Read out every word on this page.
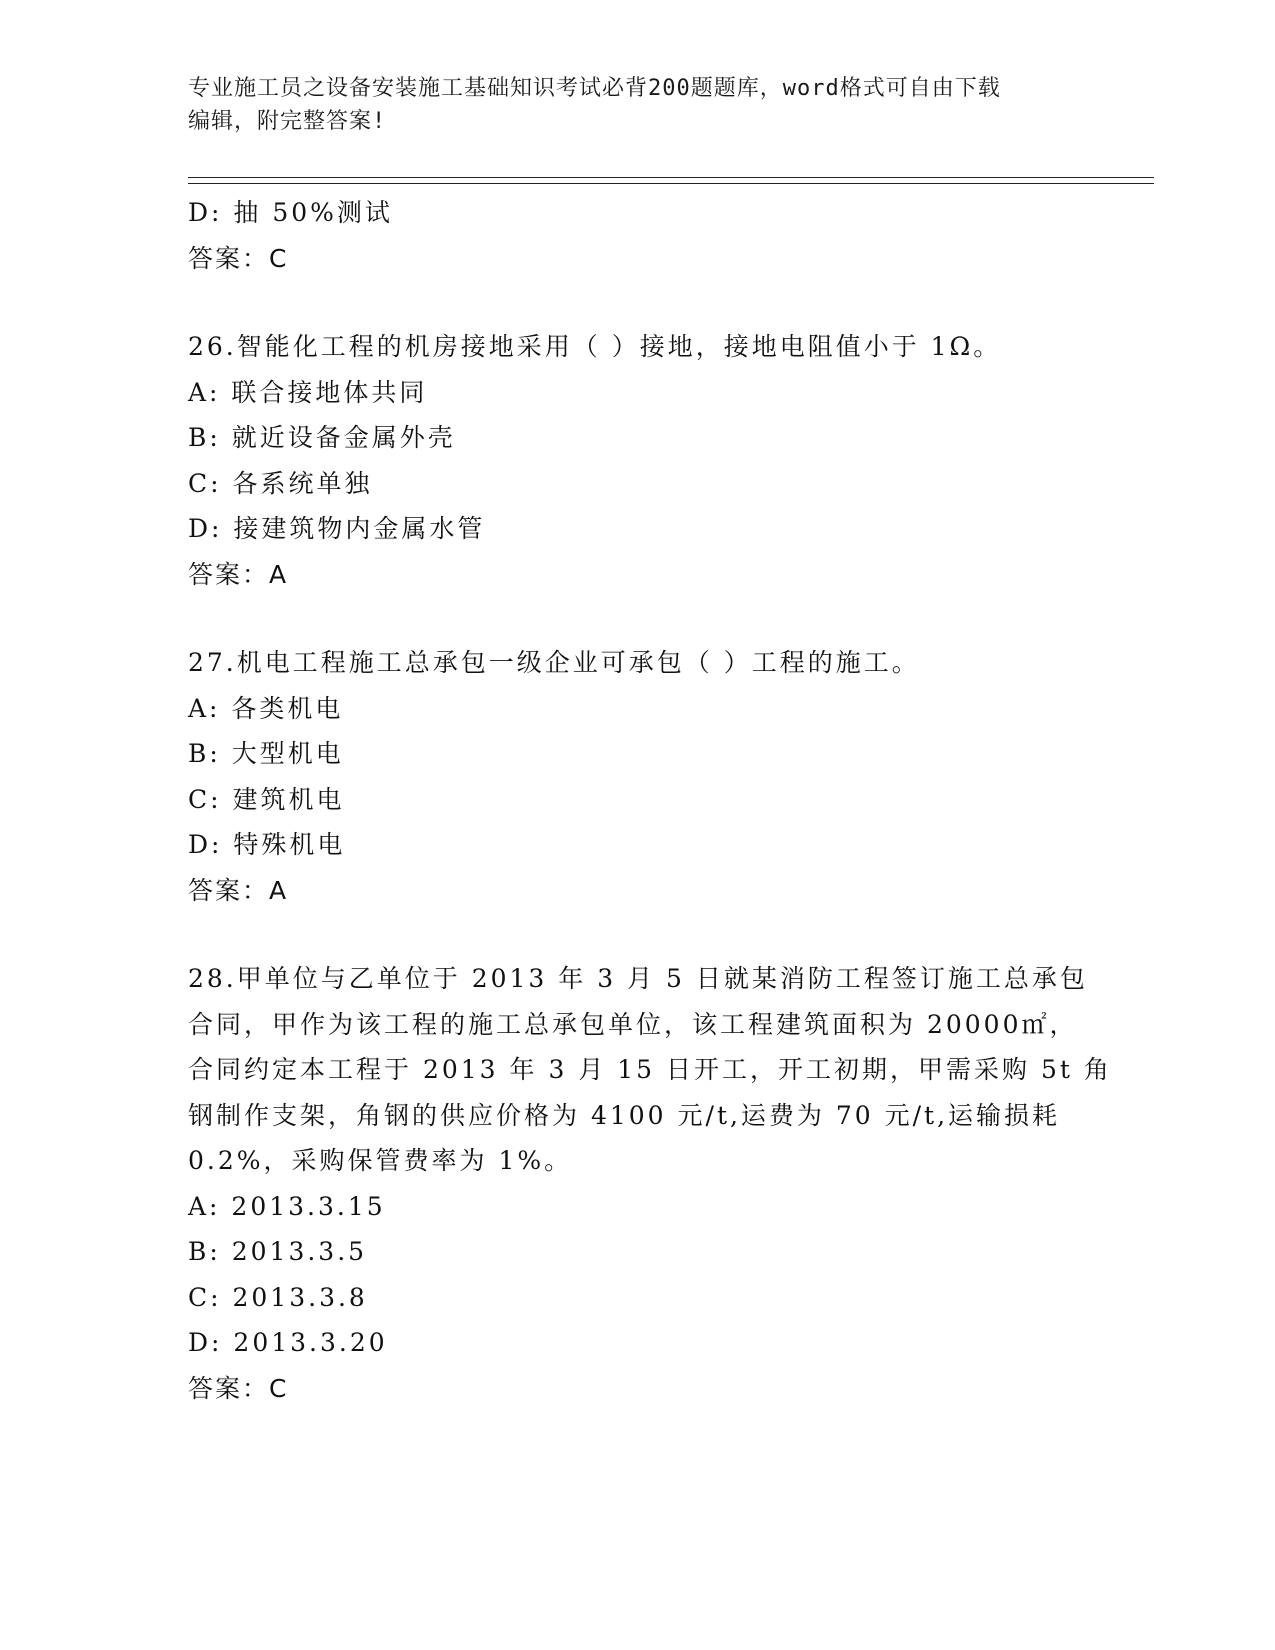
专业施工员之设备安装施工基础知识考试必背200题题库，word格式可自由下载
编辑，附完整答案!
D: 抽 50%测试
答案：C
26.智能化工程的机房接地采用（ ）接地，接地电阻值小于 1Ω。
A: 联合接地体共同
B: 就近设备金属外壳
C: 各系统单独
D: 接建筑物内金属水管
答案：A
27.机电工程施工总承包一级企业可承包（ ）工程的施工。
A: 各类机电
B: 大型机电
C: 建筑机电
D: 特殊机电
答案：A
28.甲单位与乙单位于 2013 年 3 月 5 日就某消防工程签订施工总承包
合同，甲作为该工程的施工总承包单位，该工程建筑面积为 20000㎡，
合同约定本工程于 2013 年 3 月 15 日开工，开工初期，甲需采购 5t 角
钢制作支架，角钢的供应价格为 4100 元/t,运费为 70 元/t,运输损耗
0.2%，采购保管费率为 1%。
A: 2013.3.15
B: 2013.3.5
C: 2013.3.8
D: 2013.3.20
答案：C
